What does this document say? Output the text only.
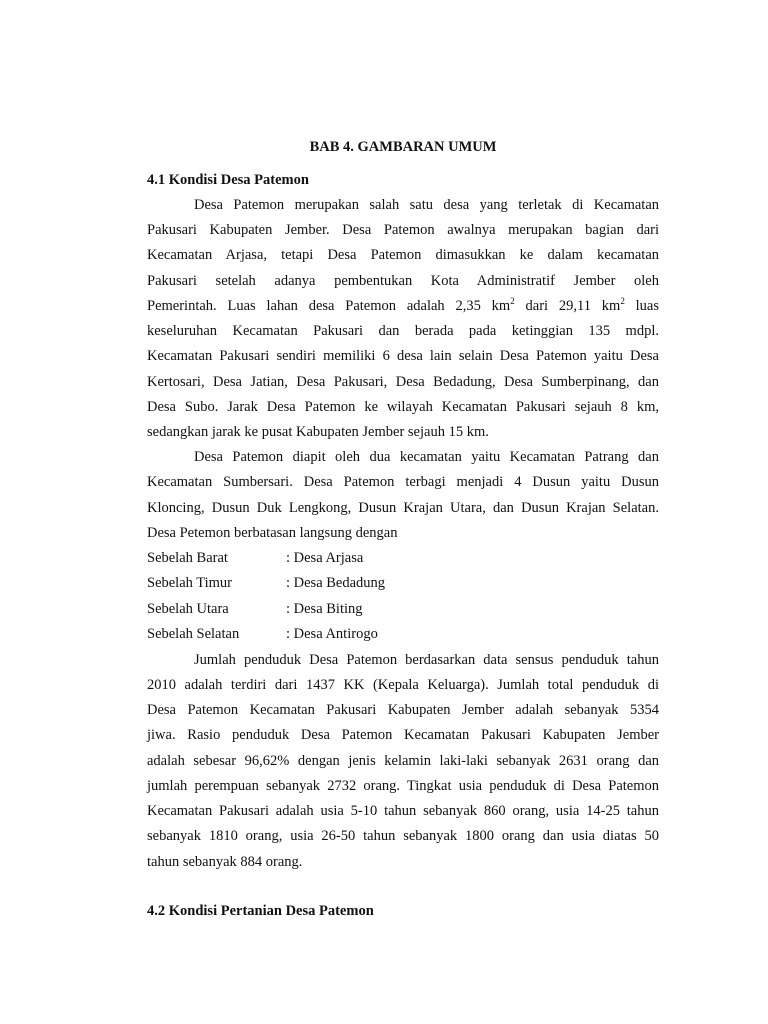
BAB 4. GAMBARAN UMUM
4.1 Kondisi Desa Patemon
Desa Patemon merupakan salah satu desa yang terletak di Kecamatan
Pakusari Kabupaten Jember. Desa Patemon awalnya merupakan bagian dari
Kecamatan Arjasa, tetapi Desa Patemon dimasukkan ke dalam kecamatan
Pakusari setelah adanya pembentukan Kota Administratif Jember oleh
Pemerintah. Luas lahan desa Patemon adalah 2,35 $km^2$ dari 29,11 $km^2$ luas
keseluruhan Kecamatan Pakusari dan berada pada ketinggian 135 mdpl.
Kecamatan Pakusari sendiri memiliki 6 desa lain selain Desa Patemon yaitu Desa
Kertosari, Desa Jatian, Desa Pakusari, Desa Bedadung, Desa Sumberpinang, dan
Desa Subo. Jarak Desa Patemon ke wilayah Kecamatan Pakusari sejauh 8 km,
sedangkan jarak ke pusat Kabupaten Jember sejauh 15 km.
Desa Patemon diapit oleh dua kecamatan yaitu Kecamatan Patrang dan
Kecamatan Sumbersari. Desa Patemon terbagi menjadi 4 Dusun yaitu Dusun
Kloncing, Dusun Duk Lengkong, Dusun Krajan Utara, dan Dusun Krajan Selatan.
Desa Petemon berbatasan langsung dengan
Sebelah Barat	: Desa Arjasa
Sebelah Timur	: Desa Bedadung
Sebelah Utara	: Desa Biting
Sebelah Selatan	: Desa Antirogo
Jumlah penduduk Desa Patemon berdasarkan data sensus penduduk tahun
2010 adalah terdiri dari 1437 KK (Kepala Keluarga). Jumlah total penduduk di
Desa Patemon Kecamatan Pakusari Kabupaten Jember adalah sebanyak 5354
jiwa. Rasio penduduk Desa Patemon Kecamatan Pakusari Kabupaten Jember
adalah sebesar 96,62% dengan jenis kelamin laki-laki sebanyak 2631 orang dan
jumlah perempuan sebanyak 2732 orang. Tingkat usia penduduk di Desa Patemon
Kecamatan Pakusari adalah usia 5-10 tahun sebanyak 860 orang, usia 14-25 tahun
sebanyak 1810 orang, usia 26-50 tahun sebanyak 1800 orang dan usia diatas 50
tahun sebanyak 884 orang.
4.2 Kondisi Pertanian Desa Patemon
